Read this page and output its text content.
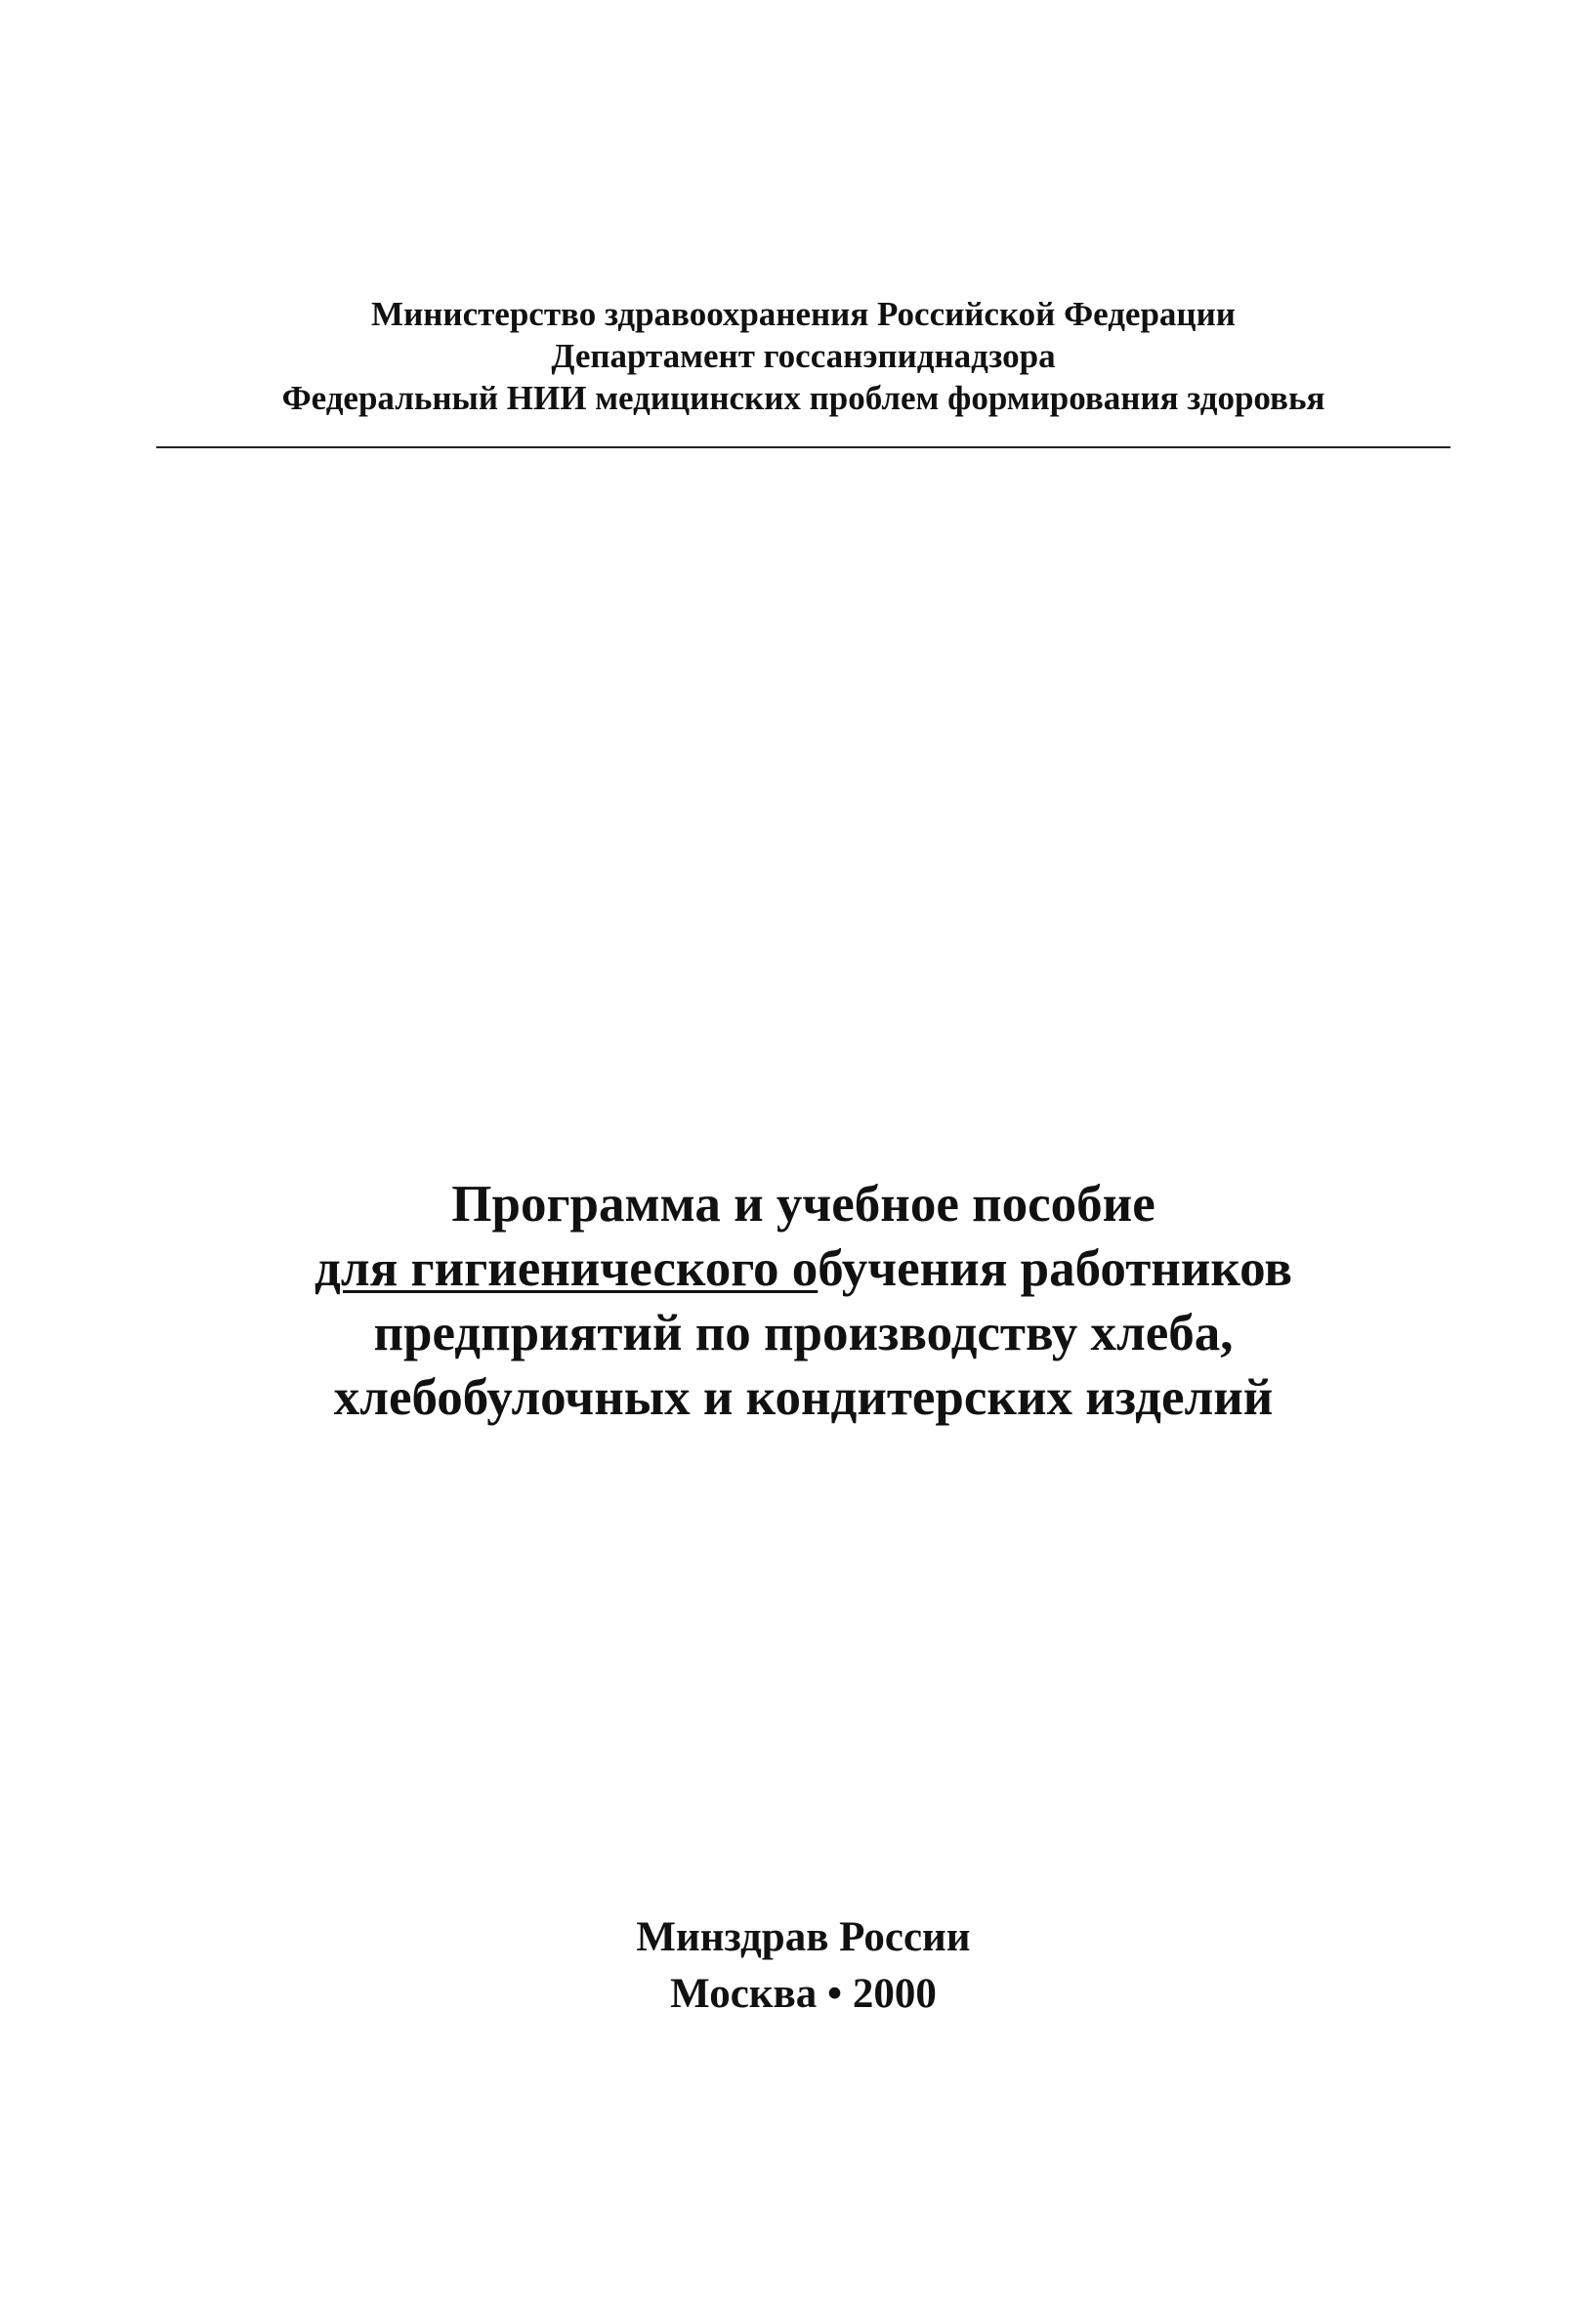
Министерство здравоохранения Российской Федерации
Департамент госсанэпиднадзора
Федеральный НИИ медицинских проблем формирования здоровья
Программа и учебное пособие
для гигиенического обучения работников
предприятий по производству хлеба,
хлебобулочных и кондитерских изделий
Минздрав России
Москва • 2000
